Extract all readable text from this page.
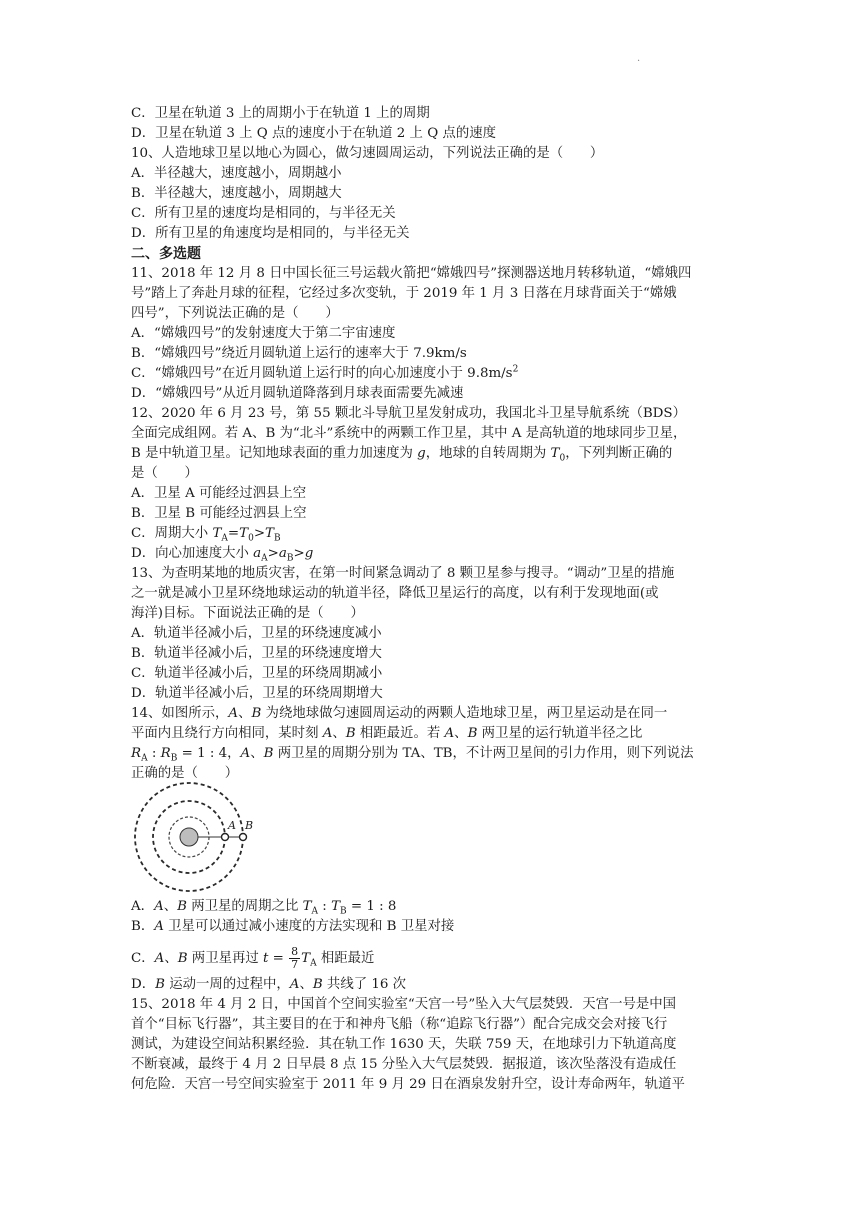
·
C．卫星在轨道 3 上的周期小于在轨道 1 上的周期
D．卫星在轨道 3 上 Q 点的速度小于在轨道 2 上 Q 点的速度
10、人造地球卫星以地心为圆心，做匀速圆周运动，下列说法正确的是（　　）
A．半径越大，速度越小，周期越小
B．半径越大，速度越小，周期越大
C．所有卫星的速度均是相同的，与半径无关
D．所有卫星的角速度均是相同的，与半径无关
二、多选题
11、2018 年 12 月 8 日中国长征三号运载火箭把“嫦娥四号”探测器送地月转移轨道，“嫦娥四
号”踏上了奔赴月球的征程，它经过多次变轨，于 2019 年 1 月 3 日落在月球背面关于“嫦娥
四号”，下列说法正确的是（　　）
A．“嫦娥四号”的发射速度大于第二宇宙速度
B．“嫦娥四号”绕近月圆轨道上运行的速率大于 7.9km/s
C．“嫦娥四号”在近月圆轨道上运行时的向心加速度小于 $9.8m/s^2$
D．“嫦娥四号”从近月圆轨道降落到月球表面需要先减速
12、2020 年 6 月 23 号，第 55 颗北斗导航卫星发射成功，我国北斗卫星导航系统（BDS）
全面完成组网。若 A、B 为“北斗”系统中的两颗工作卫星，其中 A 是高轨道的地球同步卫星，
B 是中轨道卫星。记知地球表面的重力加速度为 g，地球的自转周期为 $T_0$，下列判断正确的
是（　　）
A．卫星 A 可能经过泗县上空
B．卫星 B 可能经过泗县上空
C．周期大小 $T_A=T_0>T_B$
D．向心加速度大小 $a_A>a_B>g$
13、为查明某地的地质灾害，在第一时间紧急调动了 8 颗卫星参与搜寻。“调动”卫星的措施
之一就是减小卫星环绕地球运动的轨道半径，降低卫星运行的高度，以有利于发现地面(或
海洋)目标。下面说法正确的是（　　）
A．轨道半径减小后，卫星的环绕速度减小
B．轨道半径减小后，卫星的环绕速度增大
C．轨道半径减小后，卫星的环绕周期减小
D．轨道半径减小后，卫星的环绕周期增大
14、如图所示，A、B 为绕地球做匀速圆周运动的两颗人造地球卫星，两卫星运动是在同一
平面内且绕行方向相同，某时刻 A、B 相距最近。若 A、B 两卫星的运行轨道半径之比
$R_A$ : $R_B = 1$ : 4，A、B 两卫星的周期分别为 TA、TB，不计两卫星间的引力作用，则下列说法
正确的是（　　）
A B
A．A、B 两卫星的周期之比 $T_A$ : $T_B = 1$ : 8
B．A 卫星可以通过减小速度的方法实现和 B 卫星对接
C．A、B 两卫星再过 $t = \frac{8}{7} T_A$ 相距最近
D．B 运动一周的过程中，A、B 共线了 16 次
15、2018 年 4 月 2 日，中国首个空间实验室“天宫一号”坠入大气层焚毁．天宫一号是中国
首个“目标飞行器”，其主要目的在于和神舟飞船（称“追踪飞行器”）配合完成交会对接飞行
测试，为建设空间站积累经验．其在轨工作 1630 天，失联 759 天，在地球引力下轨道高度
不断衰减，最终于 4 月 2 日早晨 8 点 15 分坠入大气层焚毁．据报道，该次坠落没有造成任
何危险．天宫一号空间实验室于 2011 年 9 月 29 日在酒泉发射升空，设计寿命两年，轨道平
